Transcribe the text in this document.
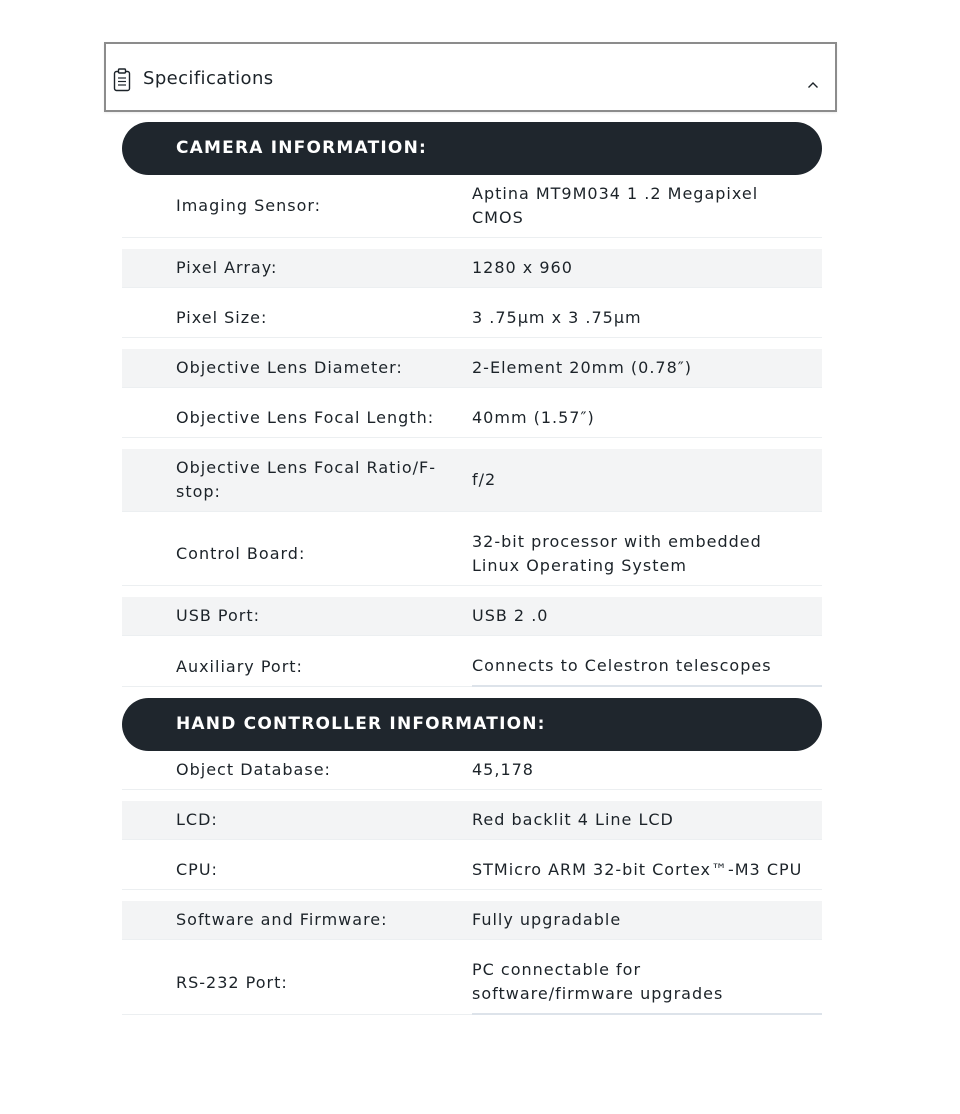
Specifications
CAMERA INFORMATION:
Imaging Sensor:	Aptina MT9M034 1 .2 Megapixel CMOS
Pixel Array:	1280 x 960
Pixel Size:	3 .75μm x 3 .75μm
Objective Lens Diameter:	2-Element 20mm (0.78″)
Objective Lens Focal Length:	40mm (1.57″)
Objective Lens Focal Ratio/F-stop:	f/2
Control Board:	32-bit processor with embedded Linux Operating System
USB Port:	USB 2 .0
Auxiliary Port:	Connects to Celestron telescopes
HAND CONTROLLER INFORMATION:
Object Database:	45,178
LCD:	Red backlit 4 Line LCD
CPU:	STMicro ARM 32-bit Cortex™-M3 CPU
Software and Firmware:	Fully upgradable
RS-232 Port:	PC connectable for software/firmware upgrades
